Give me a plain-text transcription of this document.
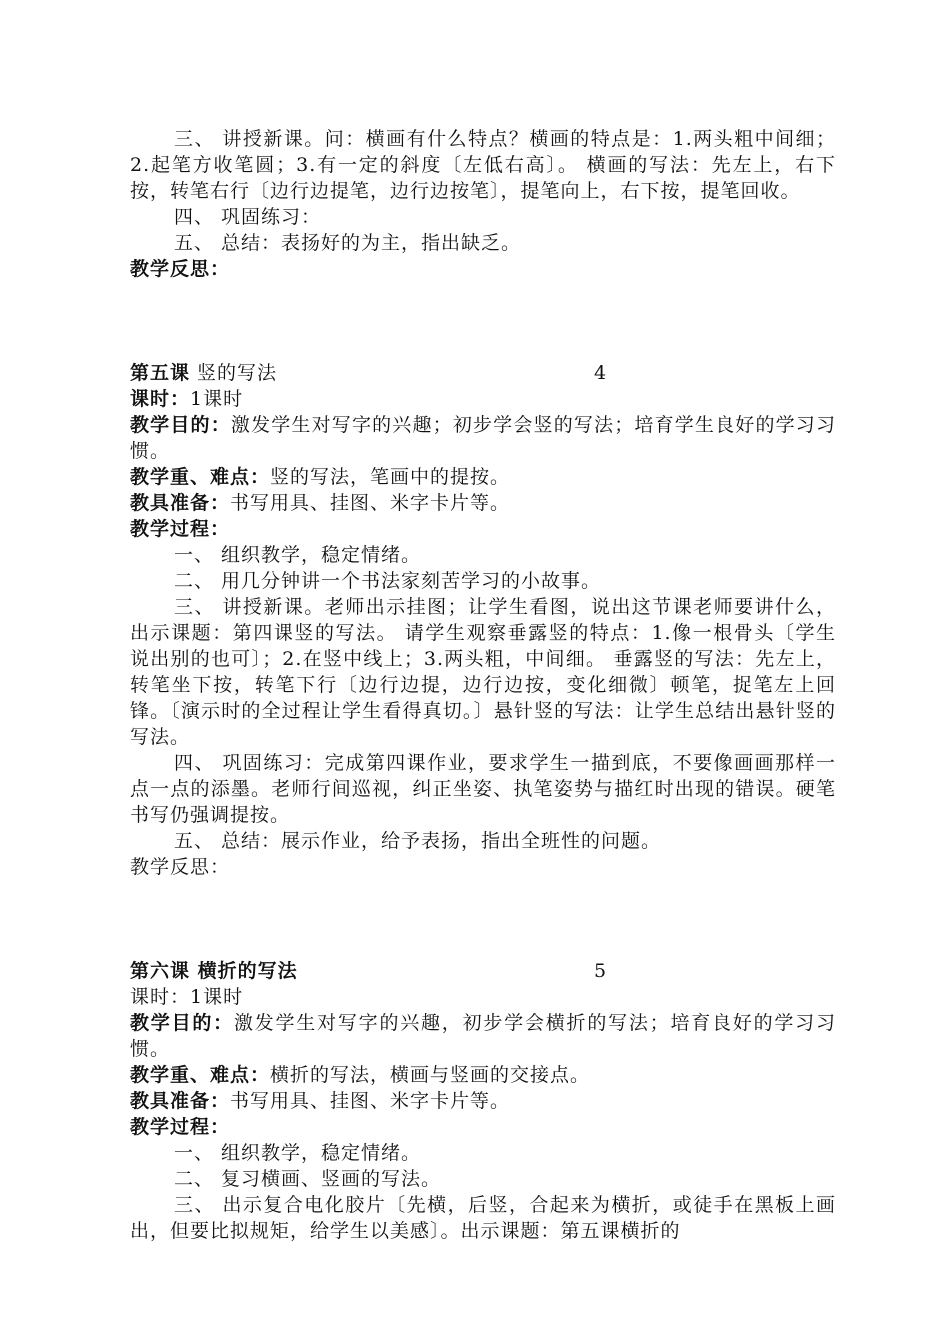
三、 讲授新课。问：横画有什么特点？横画的特点是：1.两头粗中间细；2.起笔方收笔圆；3.有一定的斜度〔左低右高〕。 横画的写法：先左上，右下按，转笔右行〔边行边提笔，边行边按笔〕，提笔向上，右下按，提笔回收。

四、 巩固练习：

五、 总结：表扬好的为主，指出缺乏。

教学反思：

第五课 竖的写法	4

课时：1课时

教学目的：激发学生对写字的兴趣；初步学会竖的写法；培育学生良好的学习习惯。

教学重、难点：竖的写法，笔画中的提按。

教具准备：书写用具、挂图、米字卡片等。

教学过程：

一、 组织教学，稳定情绪。

二、 用几分钟讲一个书法家刻苦学习的小故事。

三、 讲授新课。老师出示挂图；让学生看图，说出这节课老师要讲什么，出示课题：第四课竖的写法。 请学生观察垂露竖的特点：1.像一根骨头〔学生说出别的也可〕；2.在竖中线上；3.两头粗，中间细。 垂露竖的写法：先左上，转笔坐下按，转笔下行〔边行边提，边行边按，变化细微〕顿笔，捉笔左上回锋。〔演示时的全过程让学生看得真切。〕悬针竖的写法：让学生总结出悬针竖的写法。

四、 巩固练习：完成第四课作业，要求学生一描到底，不要像画画那样一点一点的添墨。老师行间巡视，纠正坐姿、执笔姿势与描红时出现的错误。硬笔书写仍强调提按。

五、 总结：展示作业，给予表扬，指出全班性的问题。

教学反思：

第六课 横折的写法	5

课时：1课时

教学目的：激发学生对写字的兴趣，初步学会横折的写法；培育良好的学习习惯。

教学重、难点：横折的写法，横画与竖画的交接点。

教具准备：书写用具、挂图、米字卡片等。

教学过程：

一、 组织教学，稳定情绪。

二、 复习横画、竖画的写法。

三、 出示复合电化胶片〔先横，后竖，合起来为横折，或徒手在黑板上画出，但要比拟规矩，给学生以美感〕。出示课题：第五课横折的
